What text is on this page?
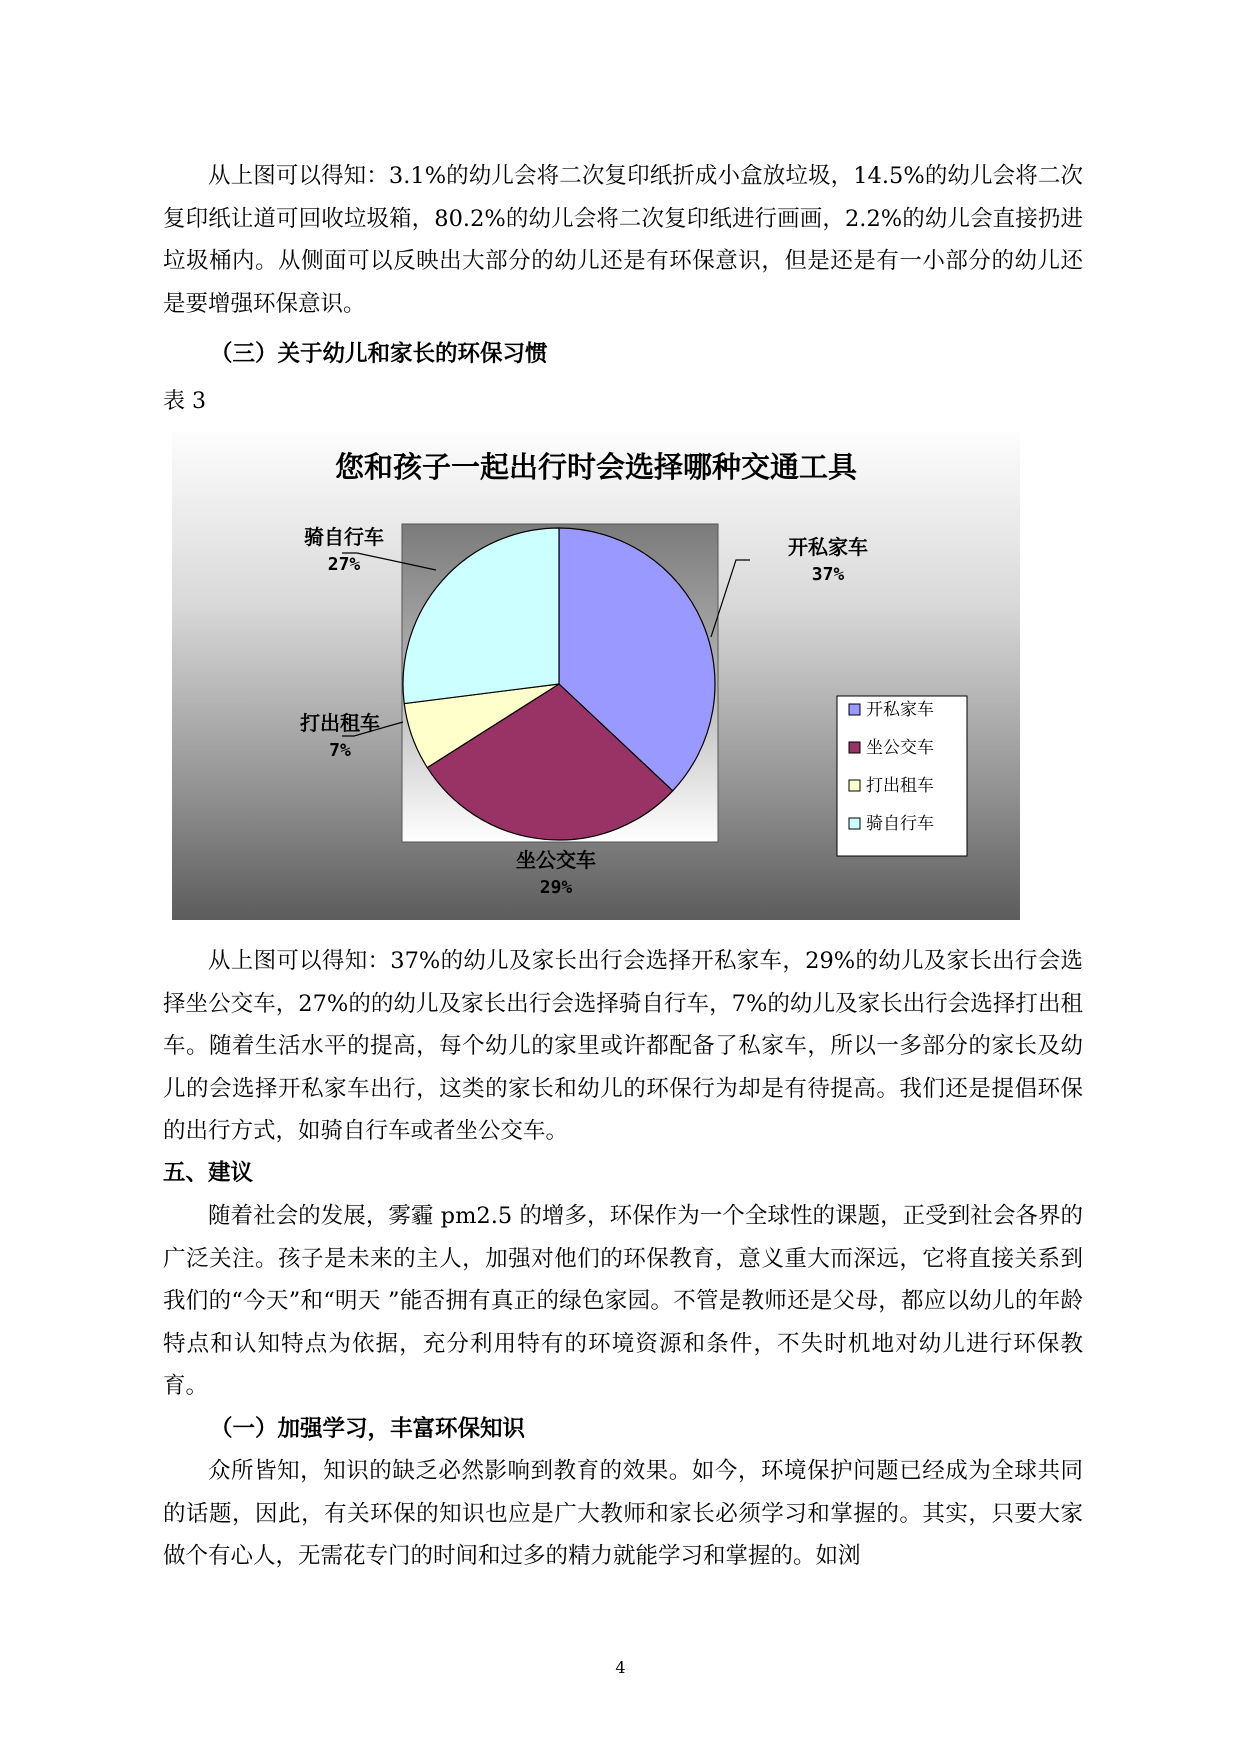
从上图可以得知：3.1%的幼儿会将二次复印纸折成小盒放垃圾，14.5%的幼儿会将二次复印纸让道可回收垃圾箱，80.2%的幼儿会将二次复印纸进行画画，2.2%的幼儿会直接扔进垃圾桶内。从侧面可以反映出大部分的幼儿还是有环保意识，但是还是有一小部分的幼儿还是要增强环保意识。

（三）关于幼儿和家长的环保习惯

表 3

您和孩子一起出行时会选择哪种交通工具
开私家车
37%
坐公交车
29%
打出租车
7%
骑自行车
27%
开私家车
坐公交车
打出租车
骑自行车

从上图可以得知：37%的幼儿及家长出行会选择开私家车，29%的幼儿及家长出行会选择坐公交车，27%的的幼儿及家长出行会选择骑自行车，7%的幼儿及家长出行会选择打出租车。随着生活水平的提高，每个幼儿的家里或许都配备了私家车，所以一多部分的家长及幼儿的会选择开私家车出行，这类的家长和幼儿的环保行为却是有待提高。我们还是提倡环保的出行方式，如骑自行车或者坐公交车。

五、建议

随着社会的发展，雾霾 pm2.5 的增多，环保作为一个全球性的课题，正受到社会各界的广泛关注。孩子是未来的主人，加强对他们的环保教育，意义重大而深远，它将直接关系到我们的“今天”和“明天 ”能否拥有真正的绿色家园。不管是教师还是父母，都应以幼儿的年龄特点和认知特点为依据，充分利用特有的环境资源和条件，不失时机地对幼儿进行环保教育。

（一）加强学习，丰富环保知识

众所皆知，知识的缺乏必然影响到教育的效果。如今，环境保护问题已经成为全球共同的话题，因此，有关环保的知识也应是广大教师和家长必须学习和掌握的。其实，只要大家做个有心人，无需花专门的时间和过多的精力就能学习和掌握的。如浏

4
